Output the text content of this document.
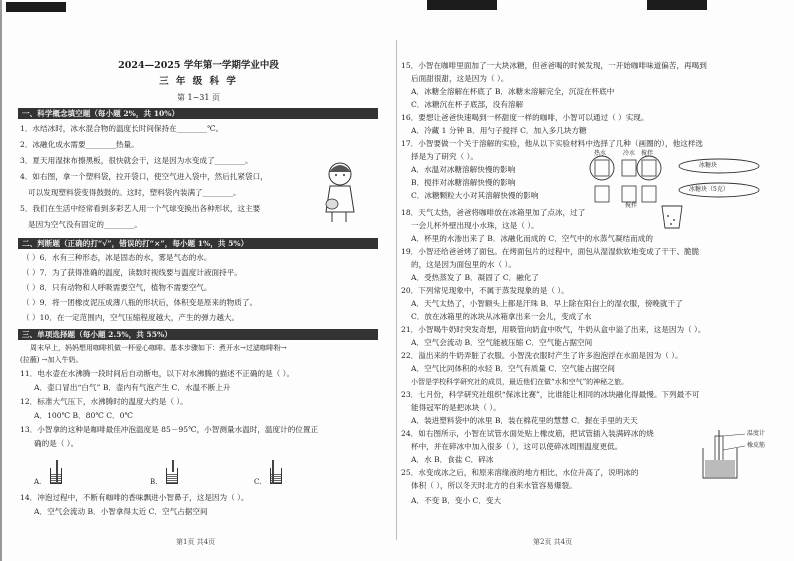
2024—2025 学年第一学期学业中段
三 年 级 科 学
第 1~31 页
一、科学概念填空题（每小题 2%，共 10%）
1．水结冰时，冰水混合物的温度长时间保持在________℃。
2．冰融化成水需要________热量。
3．夏天用湿抹布擦黑板，很快就会干，这是因为水变成了________。
4．如右图，拿一个塑料袋，拉开袋口，使空气进入袋中，然后扎紧袋口，
可以发现塑料袋变得鼓鼓的。这时，塑料袋内装满了________。
5．我们在生活中经常看到多彩艺人用一个气球变换出各种形状，这主要
是因为空气没有固定的________。
二、判断题（正确的打“√”，错误的打“×”，每小题 1%，共 5%）
（ ）6．水有三种形态，冰是固态的水，雾是气态的水。
（ ）7．为了获得准确的温度，读数时视线要与温度计液面持平。
（ ）8．只有动物和人呼吸需要空气，植物不需要空气。
（ ）9．将一团橡皮泥压成薄八瓶的形状后，体积变是原来的物质了。
（ ）10．在一定范围内，空气压缩程度越大，产生的弹力越大。
三、单项选择题（每小题 2.5%，共 55%）
周末早上，妈妈想用咖啡机做一杯爱心咖啡。基本步骤如下：煮开水→过滤咖啡粉→
(拉蘸) →加入牛奶。
11．电水壶在水沸腾一段时间后自动断电，以下对水沸腾的描述不正确的是（ ）。
A．壶口冒出“白气” B．壶内有气泡产生 C．水温不断上升
12．标准大气压下，水沸腾时的温度大约是（ ）。
A．100℃ B．80℃ C．0℃
13．小智拿的这种是咖啡最佳冲泡温度是 85－95℃，小智测量水温时，温度计的位置正
确的是（ ）。
A.	B.	C.
14．冲泡过程中，不断有咖啡的香味飘进小智鼻子，这是因为（ ）。
A．空气会流动 B．小智拿得太近 C．空气占据空间
第1页 共4页
15．小智在咖啡里面加了一大块冰糖，但爸爸喝的时候发现，一开始咖啡味道偏苦，再喝到
后面甜很甜，这是因为（ ）。
A．冰糖全溶解在杯底了 B．冰糖未溶解完全，沉淀在杯底中
C．冰糖沉在杯子底部，没有溶解
16．要想让爸爸快速喝到一杯甜度一样的咖啡，小智可以通过（ ）实现。
A．冷藏 1 分钟 B．用勺子搅拌 C．加入多几块方糖
17．小智要做一个关于溶解的实验，他从以下实验材料中选择了几种（画圈的），他这样选
择是为了研究（ ）。
A．水温对冰糖溶解快慢的影响
B．搅拌对冰糖溶解快慢的影响
C．冰糖颗粒大小对其溶解快慢的影响
热水	冷水 搅拌
冰糖块
搅拌
冰糖块（5克）
18．天气太热，爸爸将咖啡放在冰箱里加了点冰，过了
一会儿杯外壁出现小水珠，这是（ ）。
A．杯里的水渗出来了 B．冰融化而成的 C．空气中的水蒸气凝结而成的
19．小智还给爸爸烤了面包。在烤面包片的过程中，面包从湿湿软软地变成了干干、脆脆
的，这是因为面包里的水（ ）。
A．受热蒸发了 B．凝固了 C．融化了
20．下列常见现象中，不属于蒸发现象的是（ ）。
A．天气太热了，小智额头上都是汗珠 B．早上除在阳台上的湿衣服，傍晚就干了
C．放在冰箱里的冰块从冰箱拿出来一会儿，变成了水
21．小智喝牛奶时突发奇想，用吸管向奶盒中吹气，牛奶从盒中溢了出来，这是因为（ ）。
A．空气会流动 B．空气能被压缩 C．空气能占据空间
22．溢出来的牛奶弄脏了衣服。小智洗衣服时产生了许多泡泡浮在水面是因为（ ）。
A．空气比同体积的水轻 B．空气有质量 C．空气能占据空间
小智是学校科学研究社的成员，最近他们在做“水和空气”的神秘之旅。
23．七月份，科学研究社组织“保冰比赛”，比谁能让相同的冰块融化得最慢。下列最不可
能得冠军的是把冰块（ ）。
A．装进塑料袋中的冰里 B．装在棉花里的慧慧 C．握在手里的天天
24．如右图所示，小智在试管水面处贴上橡皮筋，把试管插入装满碎冰的烧
杯中，并在碎冰中加入很多（ ），这可以使碎冰周围温度更低。
A．水 B．食盐 C．碎冰
25．水变成冰之后，和原来溶缘液的地方相比，水位升高了，说明冰的
体积（ ），所以冬天时北方的自来水管容易爆裂。
A．不变 B．变小 C．变大
温度计
橡皮筋
第2页 共4页
